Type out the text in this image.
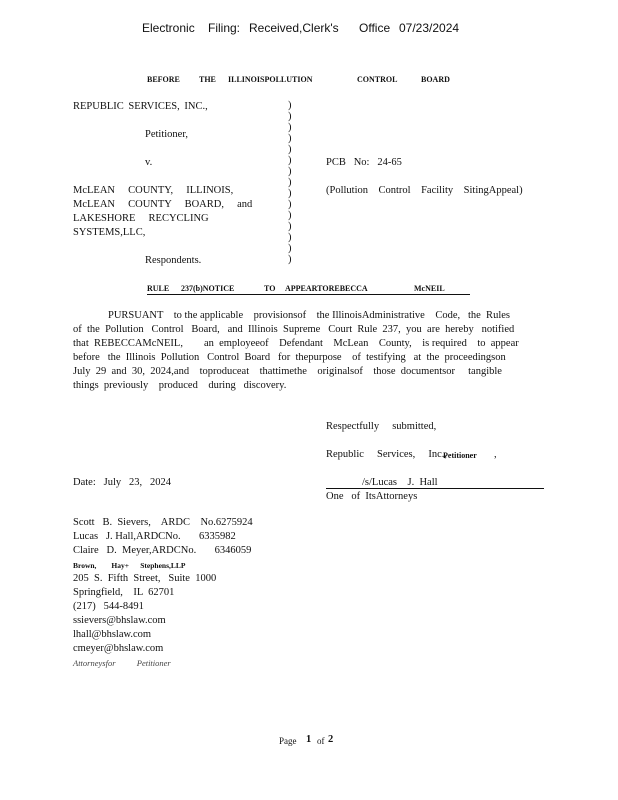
Electronic Filing: Received,Clerk's Office 07/23/2024
BEFORE THE ILLINOISPOLLUTION	CONTROL	BOARD
REPUBLIC SERVICES, INC.,
Petitioner,
v.
McLEAN     COUNTY,     ILLINOIS,
McLEAN     COUNTY     BOARD,     and
LAKESHORE     RECYCLING
SYSTEMS,LLC,
Respondents.
)
)
)
)
)
)
)
)
)
)
)
)
)
)
)
PCB   No:   24-65
(Pollution    Control    Facility    SitingAppeal)
RULE 237(b)NOTICE	TO APPEARTOREBECCA	McNEIL
PURSUANT    to the applicable    provisionsof    the IllinoisAdministrative    Code,   the  Rules
of  the  Pollution   Control   Board,   and  Illinois  Supreme   Court  Rule  237,  you  are  hereby   notified
that  REBECCAMcNEIL,        an  employeeof    Defendant    McLean    County,    is required    to  appear
before   the  Illinois  Pollution   Control  Board   for  thepurpose    of  testifying   at  the  proceedingson
July  29  and  30,  2024,and    toproduceat    thattimethe    originalsof    those  documentsor     tangible
things  previously    produced    during   discovery.
Respectfully     submitted,
Republic     Services,     Inc.,
Petitioner ,
Date:   July   23,   2024	/s/Lucas    J.  Hall
One   of  ItsAttorneys
Scott   B.  Sievers,    ARDC    No.6275924
Lucas   J. Hall,ARDCNo.       6335982
Claire   D.  Meyer,ARDCNo.       6346059
Brown,        Hay+      Stephens,LLP
205  S.  Fifth  Street,   Suite  1000
Springfield,    IL  62701
(217)   544-8491
ssievers@bhslaw.com
lhall@bhslaw.com
cmeyer@bhslaw.com
Attorneysfor          Petitioner
Page 1 of 2
